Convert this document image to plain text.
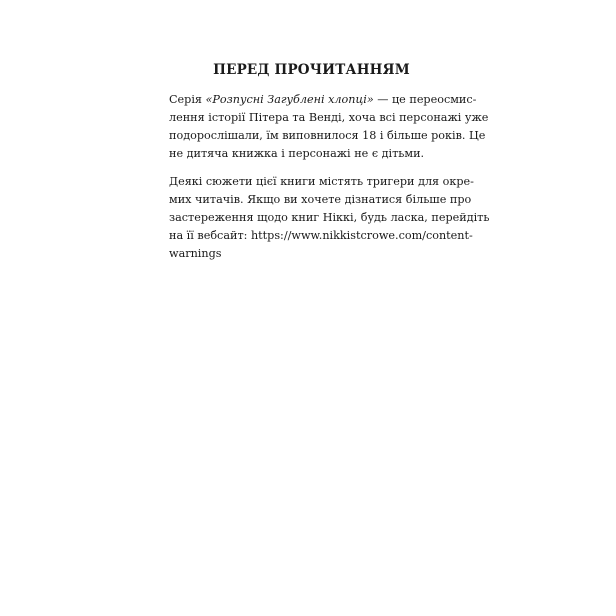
ПЕРЕД ПРОЧИТАННЯМ

Серія «Розпусні Загублені хлопці» — це переосмис-
лення історії Пітера та Венді, хоча всі персонажі уже
подорослішали, їм виповнилося 18 і більше років. Це
не дитяча книжка і персонажі не є дітьми.

Деякі сюжети цієї книги містять тригери для окре-
мих читачів. Якщо ви хочете дізнатися більше про
застереження щодо книг Ніккі, будь ласка, перейдіть
на її вебсайт: https://www.nikkistcrowe.com/content-
warnings
